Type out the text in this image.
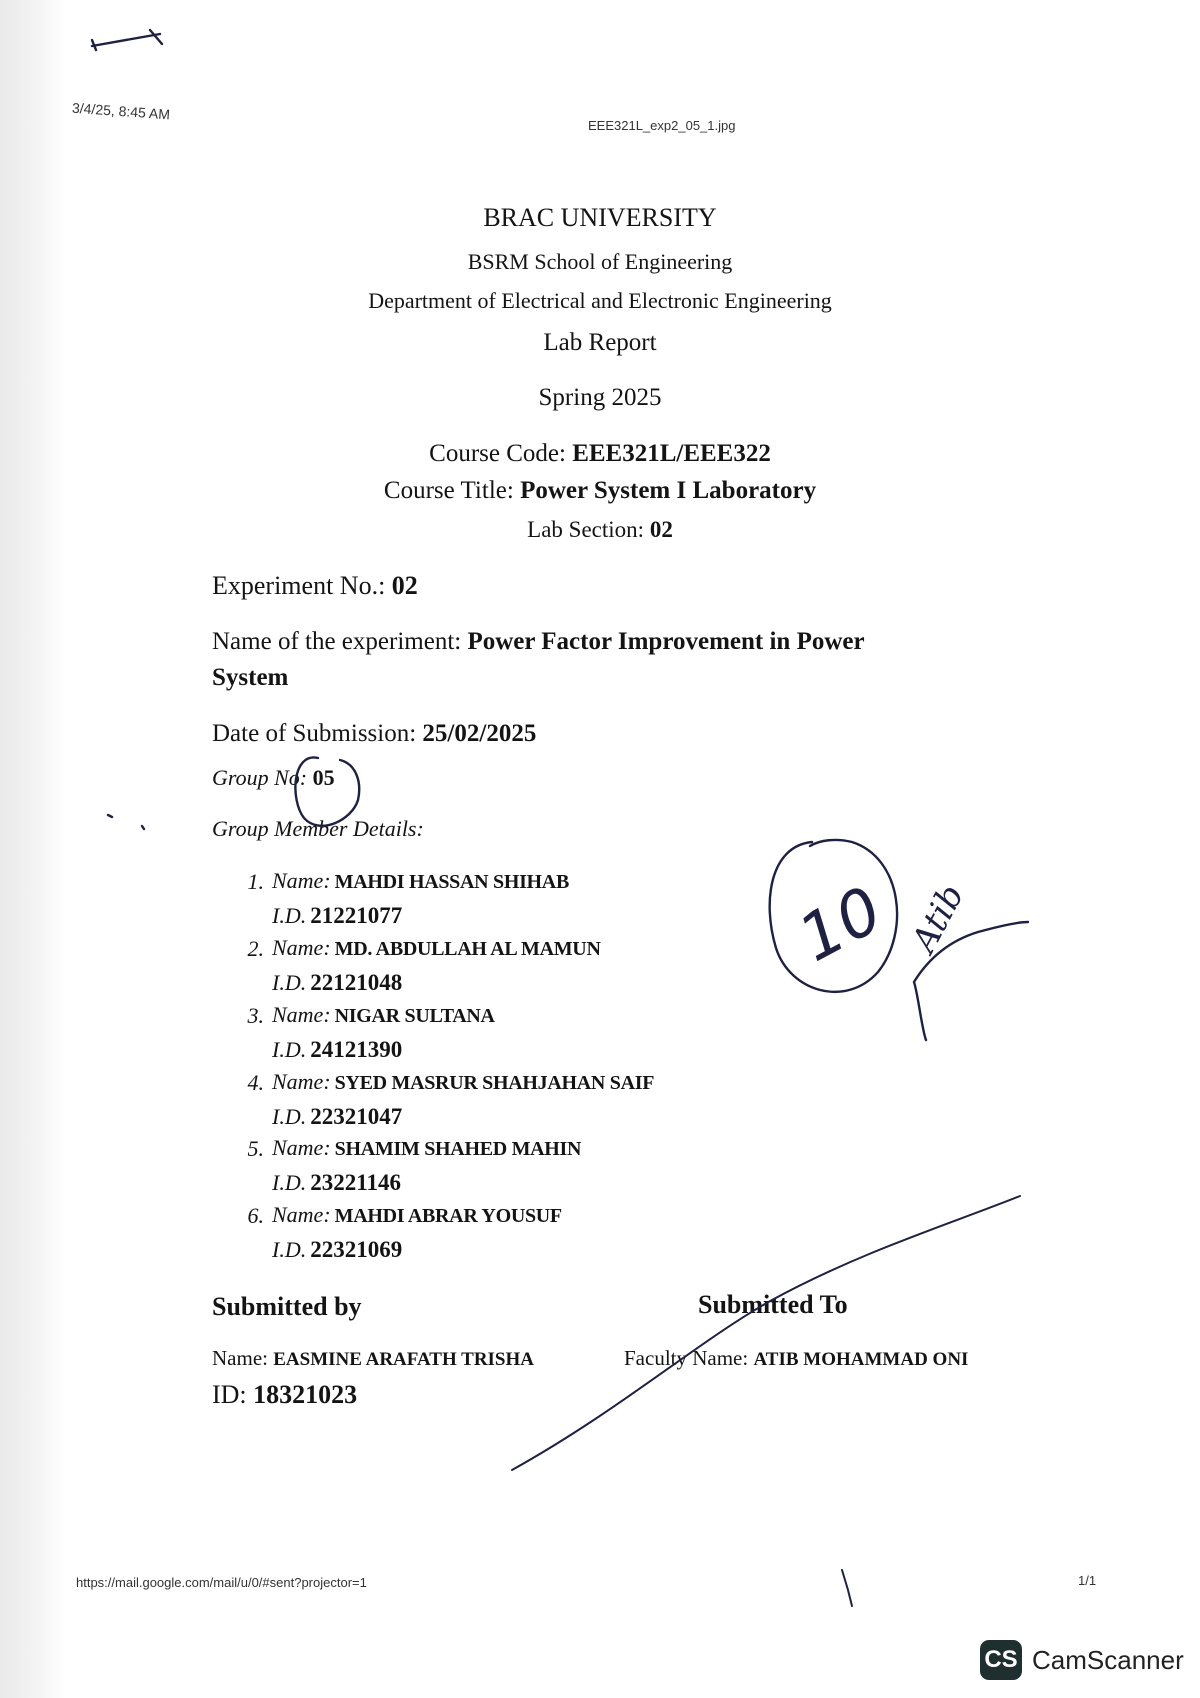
3/4/25, 8:45 AM
EEE321L_exp2_05_1.jpg
BRAC UNIVERSITY
BSRM School of Engineering
Department of Electrical and Electronic Engineering
Lab Report
Spring 2025
Course Code: EEE321L/EEE322
Course Title: Power System I Laboratory
Lab Section: 02
Experiment No.: 02
Name of the experiment: Power Factor Improvement in Power
System
Date of Submission: 25/02/2025
Group No: 05
Group Member Details:
1. Name: MAHDI HASSAN SHIHAB
I.D. 21221077
2. Name: MD. ABDULLAH AL MAMUN
I.D. 22121048
3. Name: NIGAR SULTANA
I.D. 24121390
4. Name: SYED MASRUR SHAHJAHAN SAIF
I.D. 22321047
5. Name: SHAMIM SHAHED MAHIN
I.D. 23221146
6. Name: MAHDI ABRAR YOUSUF
I.D. 22321069
Submitted by
Name: EASMINE ARAFATH TRISHA
ID: 18321023
Submitted To
Faculty Name: ATIB MOHAMMAD ONI
10 Atib
https://mail.google.com/mail/u/0/#sent?projector=1	1/1
CS CamScanner
